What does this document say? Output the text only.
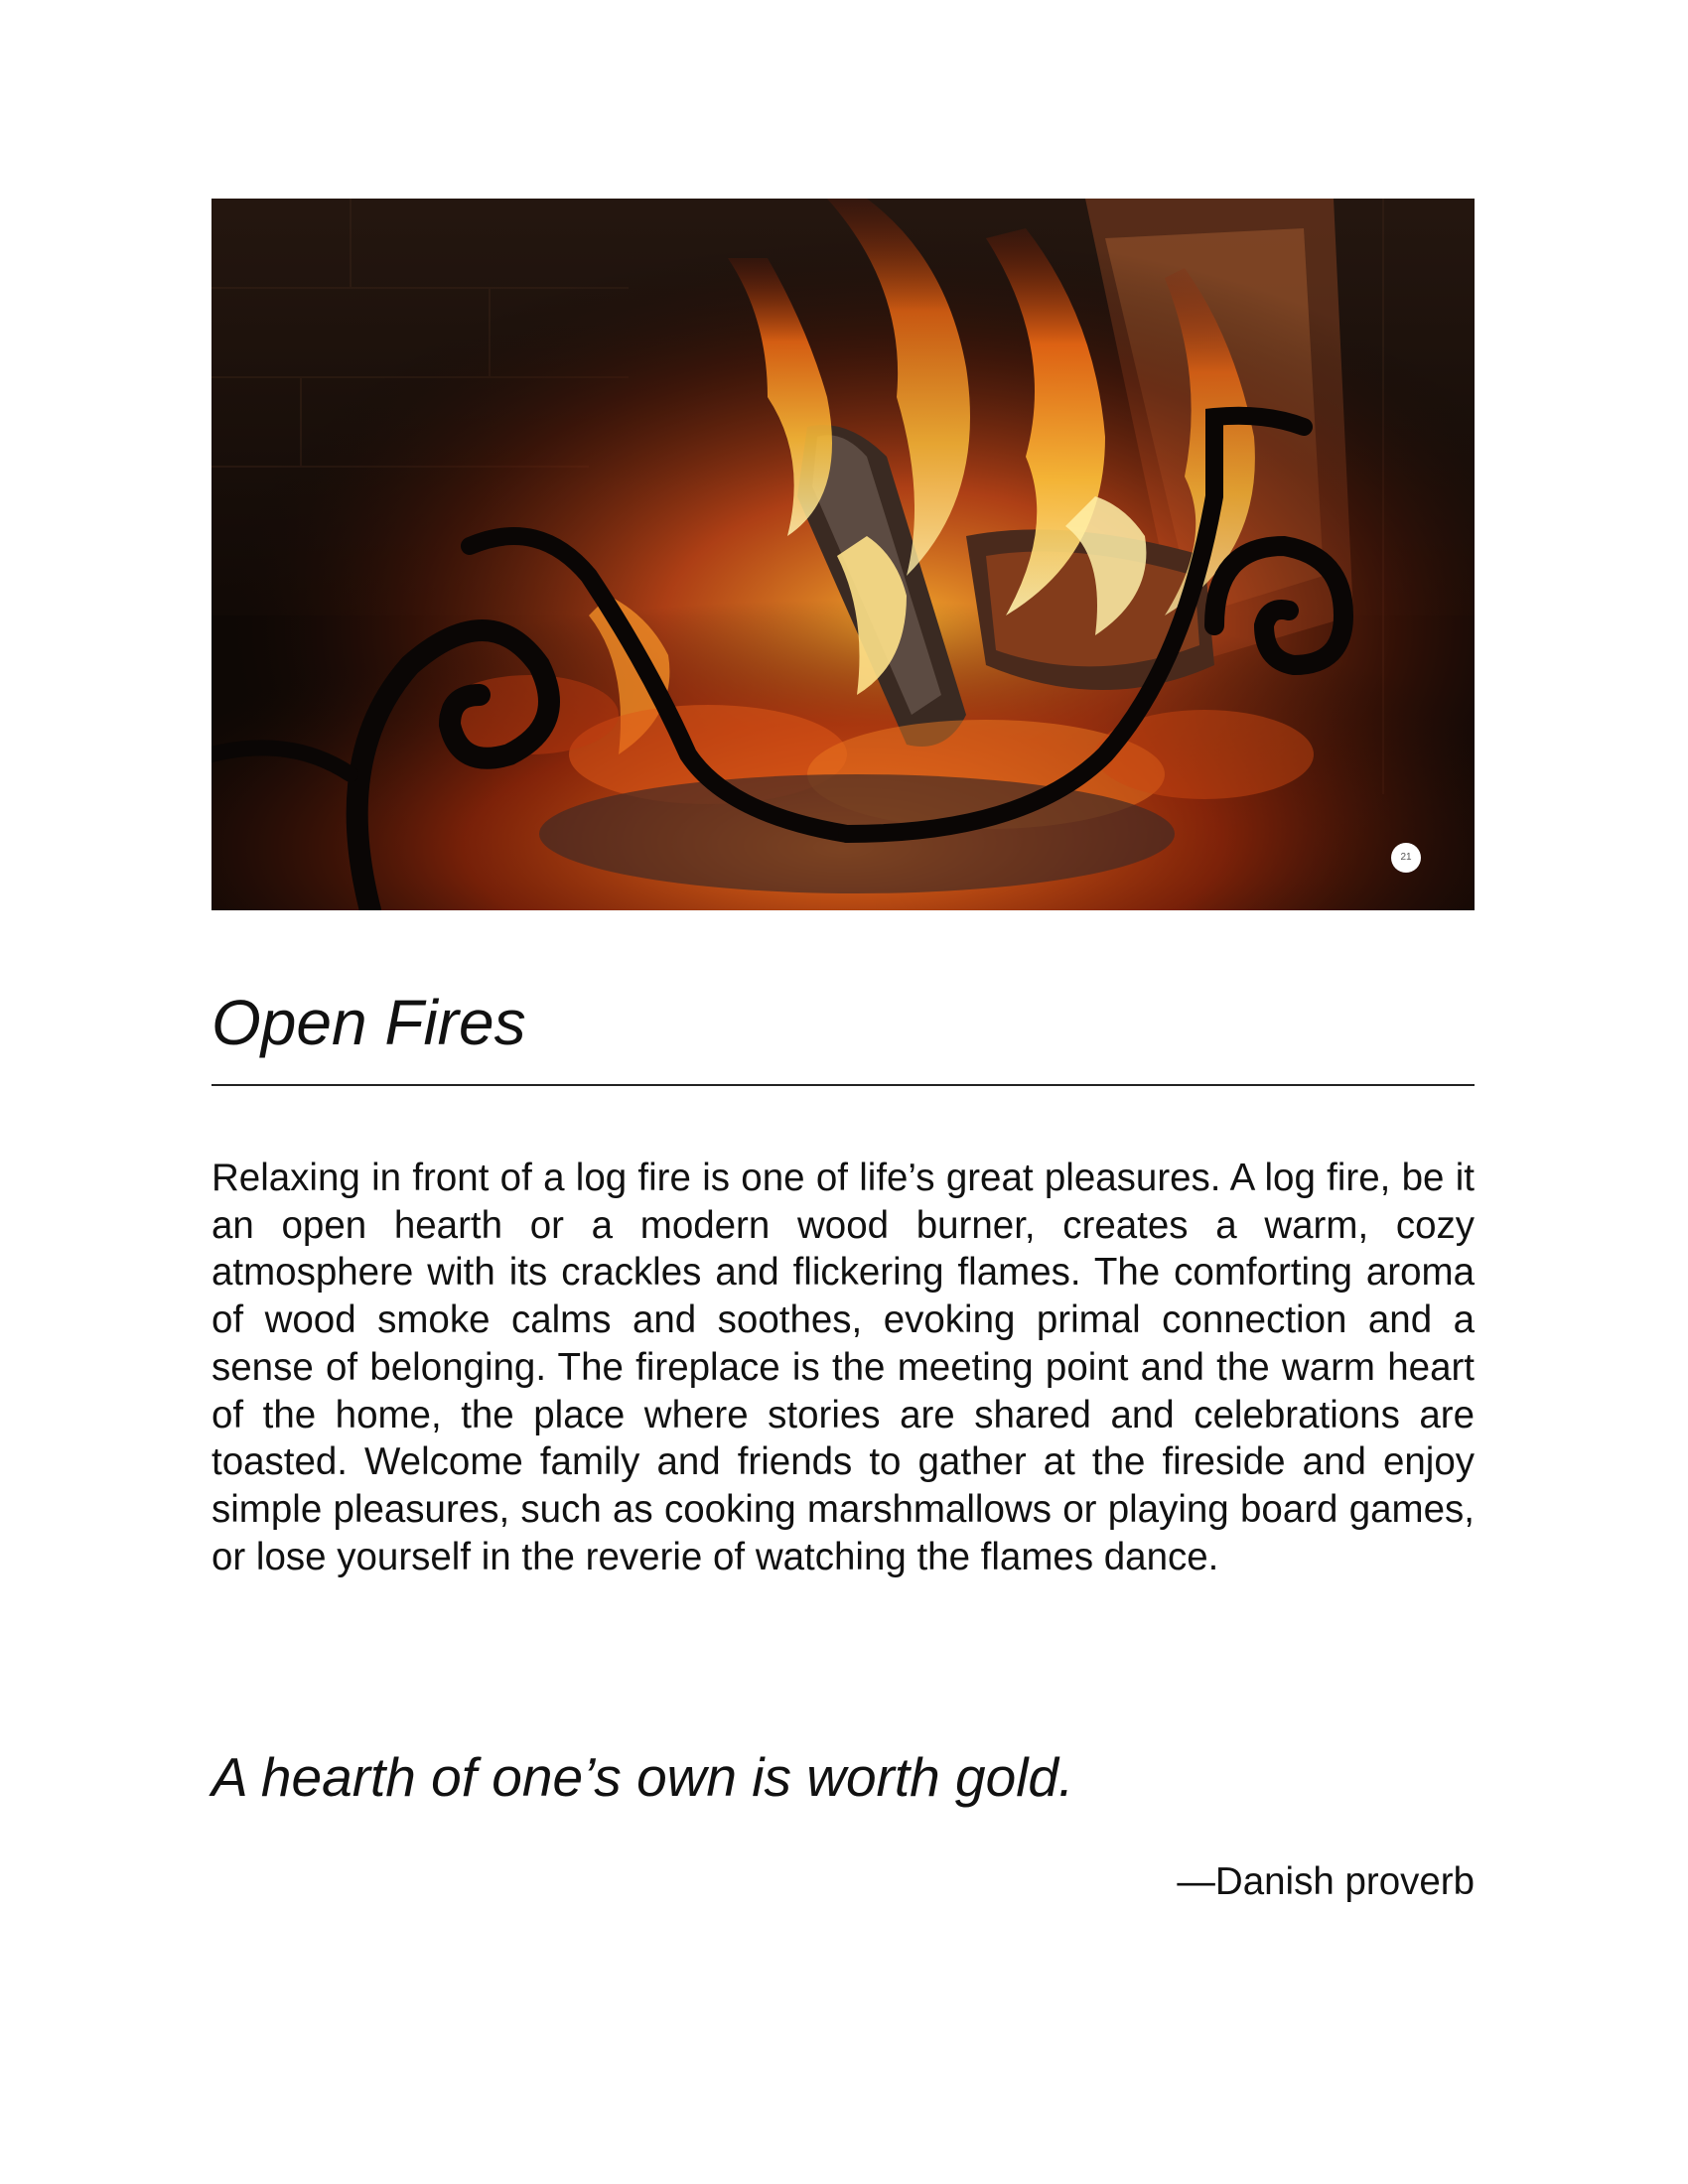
21
Open Fires

Relaxing in front of a log fire is one of life’s great pleasures. A log fire, be it an open hearth or a modern wood burner, creates a warm, cozy atmosphere with its crackles and flickering flames. The comforting aroma of wood smoke calms and soothes, evoking primal connection and a sense of belonging. The fireplace is the meeting point and the warm heart of the home, the place where stories are shared and celebrations are toasted. Welcome family and friends to gather at the fireside and enjoy simple pleasures, such as cooking marshmallows or playing board games, or lose yourself in the reverie of watching the flames dance.

A hearth of one’s own is worth gold.

—Danish proverb
